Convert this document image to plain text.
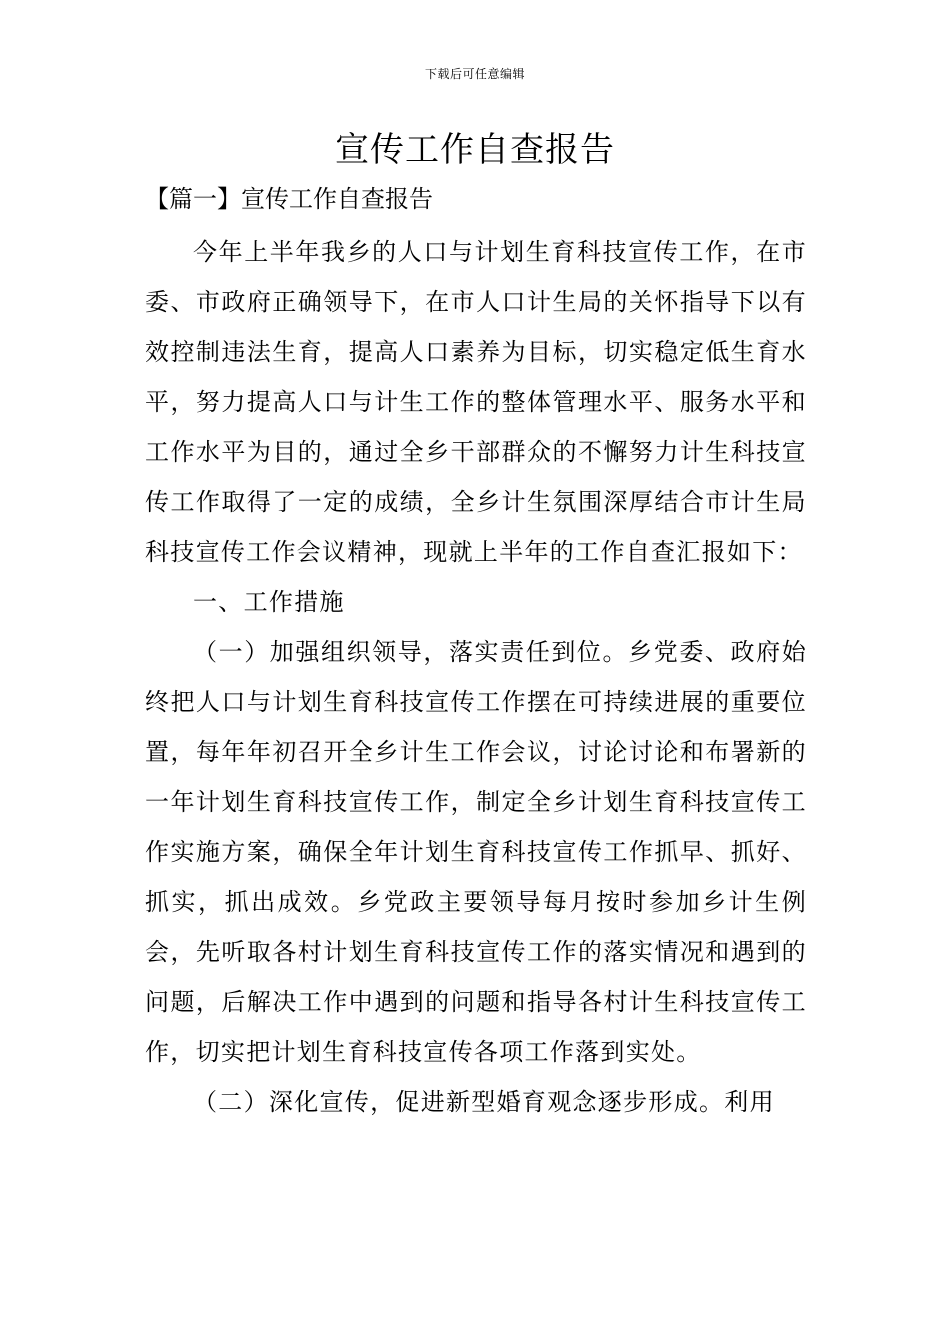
下载后可任意编辑
宣传工作自查报告
【篇一】宣传工作自查报告

今年上半年我乡的人口与计划生育科技宣传工作，在市委、市政府正确领导下，在市人口计生局的关怀指导下以有效控制违法生育，提高人口素养为目标，切实稳定低生育水平，努力提高人口与计生工作的整体管理水平、服务水平和工作水平为目的，通过全乡干部群众的不懈努力计生科技宣传工作取得了一定的成绩，全乡计生氛围深厚结合市计生局科技宣传工作会议精神，现就上半年的工作自查汇报如下：

一、工作措施

（一）加强组织领导，落实责任到位。乡党委、政府始终把人口与计划生育科技宣传工作摆在可持续进展的重要位置，每年年初召开全乡计生工作会议，讨论讨论和布署新的一年计划生育科技宣传工作，制定全乡计划生育科技宣传工作实施方案，确保全年计划生育科技宣传工作抓早、抓好、抓实，抓出成效。乡党政主要领导每月按时参加乡计生例会，先听取各村计划生育科技宣传工作的落实情况和遇到的问题，后解决工作中遇到的问题和指导各村计生科技宣传工作，切实把计划生育科技宣传各项工作落到实处。

（二）深化宣传，促进新型婚育观念逐步形成。利用
